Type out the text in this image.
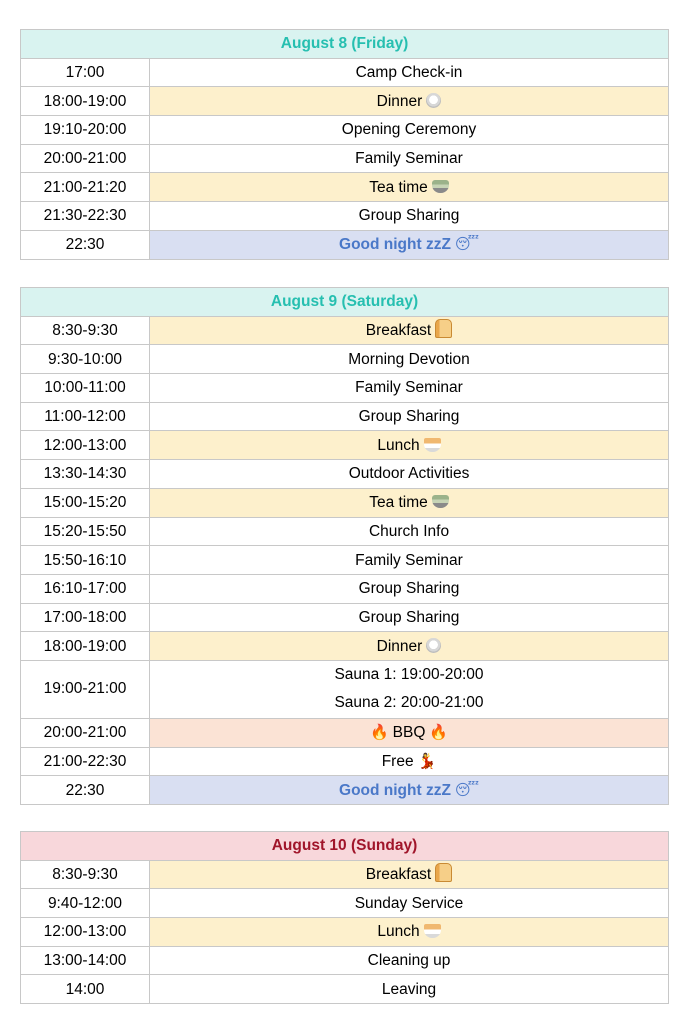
August 8 (Friday)	
17:00	Camp Check-in
18:00-19:00	Dinner
19:10-20:00	Opening Ceremony
20:00-21:00	Family Seminar
21:00-21:20	Tea time
21:30-22:30	Group Sharing
22:30	Good night zzZ 😴
August 9 (Saturday)	
8:30-9:30	Breakfast
9:30-10:00	Morning Devotion
10:00-11:00	Family Seminar
11:00-12:00	Group Sharing
12:00-13:00	Lunch
13:30-14:30	Outdoor Activities
15:00-15:20	Tea time
15:20-15:50	Church Info
15:50-16:10	Family Seminar
16:10-17:00	Group Sharing
17:00-18:00	Group Sharing
18:00-19:00	Dinner
19:00-21:00	Sauna 1: 19:00-20:00
Sauna 2: 20:00-21:00

20:00-21:00	🔥 BBQ 🔥
21:00-22:30	Free 💃
22:30	Good night zzZ 😴
August 10 (Sunday)	
8:30-9:30	Breakfast
9:40-12:00	Sunday Service
12:00-13:00	Lunch
13:00-14:00	Cleaning up
14:00	Leaving
